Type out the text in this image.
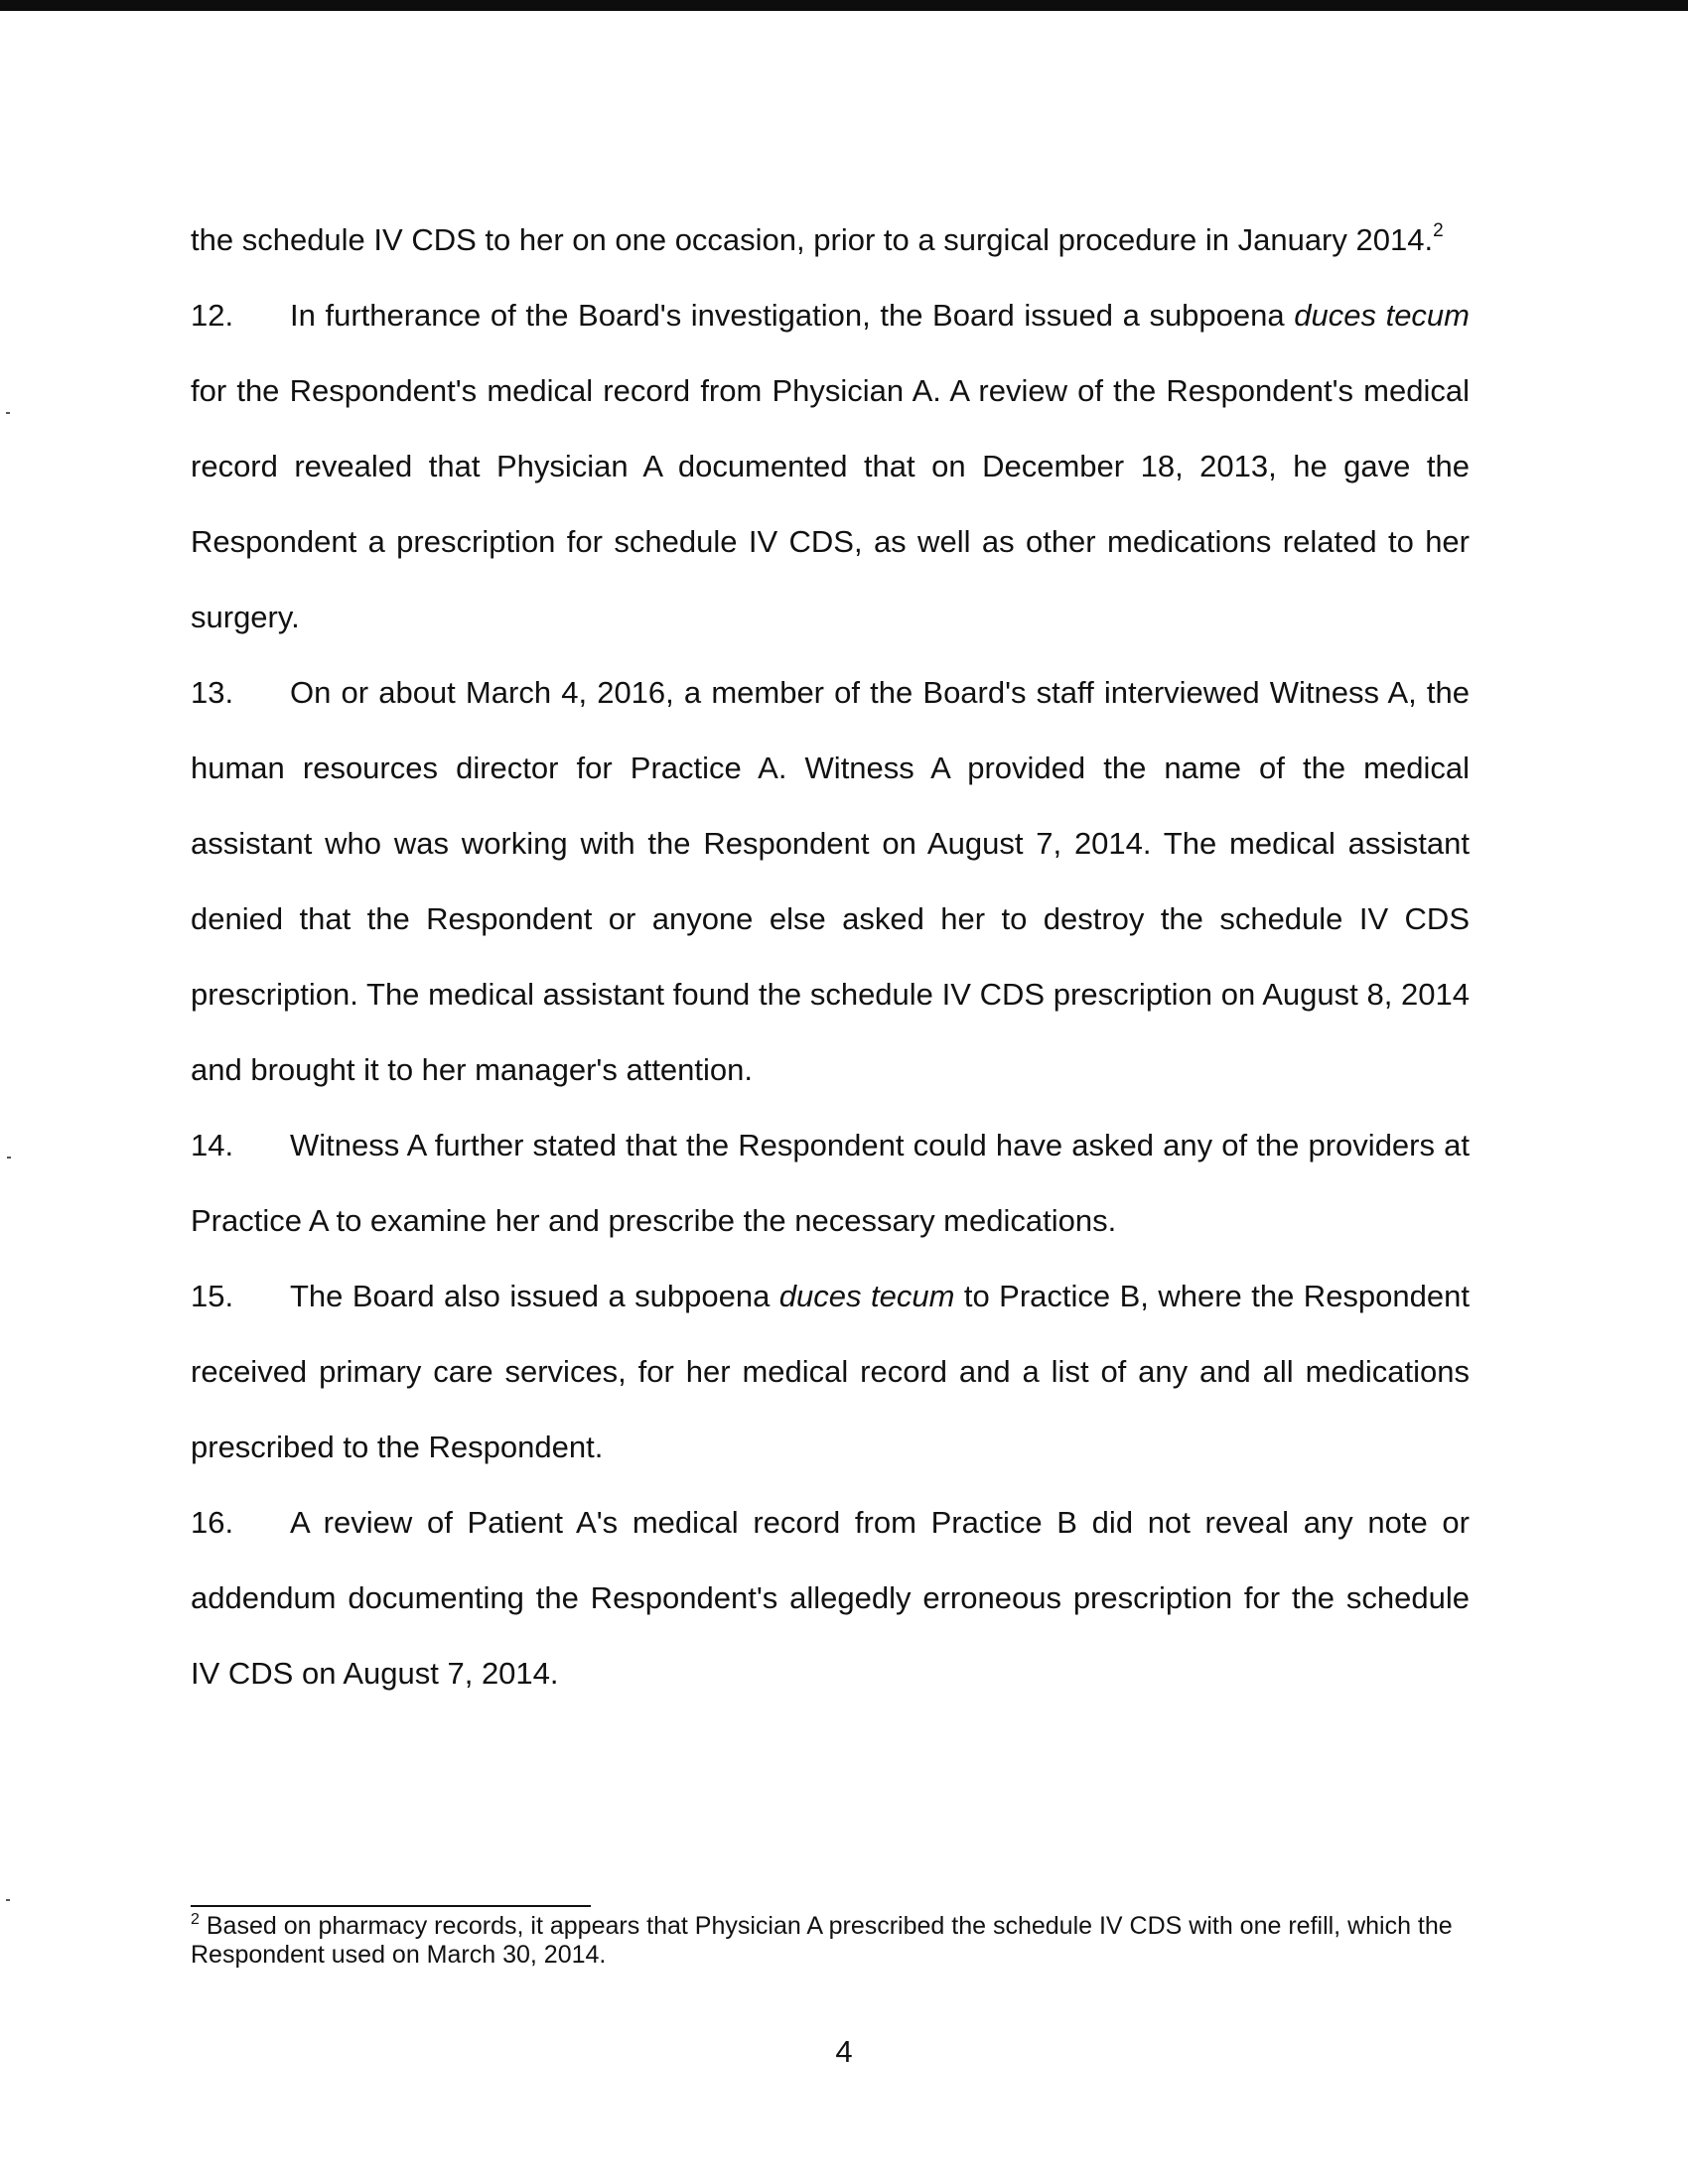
the schedule IV CDS to her on one occasion, prior to a surgical procedure in January 2014.$^2$

12. In furtherance of the Board's investigation, the Board issued a subpoena duces tecum for the Respondent's medical record from Physician A. A review of the Respondent's medical record revealed that Physician A documented that on December 18, 2013, he gave the Respondent a prescription for schedule IV CDS, as well as other medications related to her surgery.

13. On or about March 4, 2016, a member of the Board's staff interviewed Witness A, the human resources director for Practice A. Witness A provided the name of the medical assistant who was working with the Respondent on August 7, 2014. The medical assistant denied that the Respondent or anyone else asked her to destroy the schedule IV CDS prescription. The medical assistant found the schedule IV CDS prescription on August 8, 2014 and brought it to her manager's attention.

14. Witness A further stated that the Respondent could have asked any of the providers at Practice A to examine her and prescribe the necessary medications.

15. The Board also issued a subpoena duces tecum to Practice B, where the Respondent received primary care services, for her medical record and a list of any and all medications prescribed to the Respondent.

16. A review of Patient A's medical record from Practice B did not reveal any note or addendum documenting the Respondent's allegedly erroneous prescription for the schedule IV CDS on August 7, 2014.

$^2$ Based on pharmacy records, it appears that Physician A prescribed the schedule IV CDS with one refill, which the Respondent used on March 30, 2014.
4
